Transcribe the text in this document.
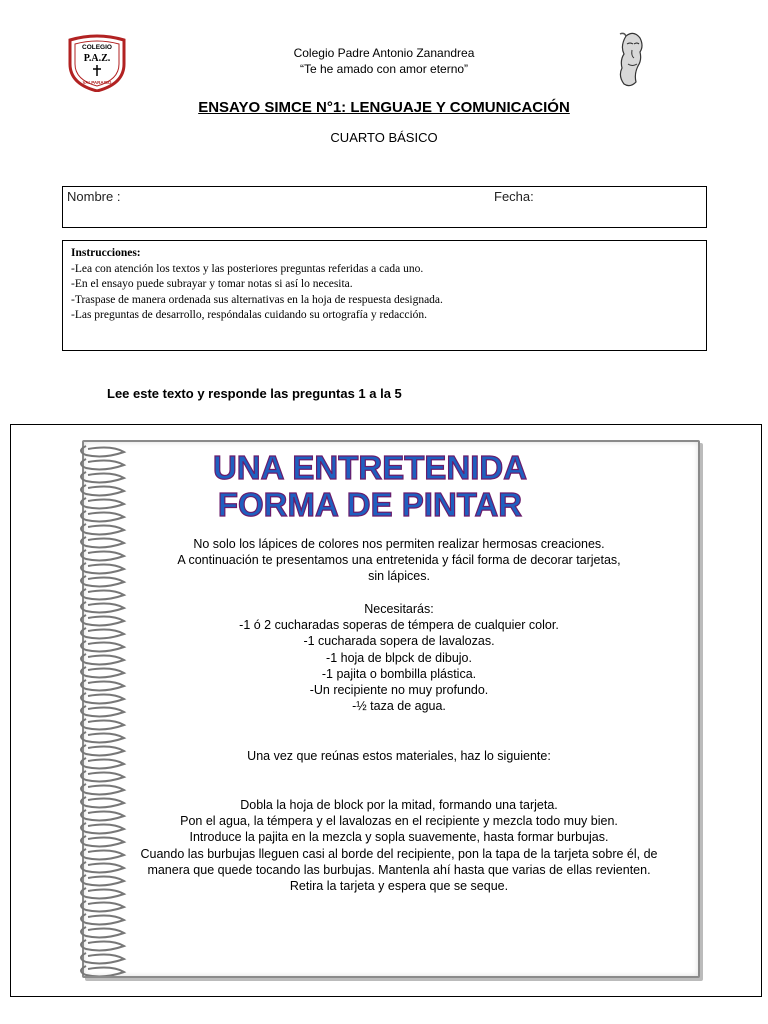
COLEGIO
P.A.Z.
VALPARAISO
Colegio Padre Antonio Zanandrea
“Te he amado con amor eterno”
ENSAYO SIMCE N°1: LENGUAJE Y COMUNICACIÓN
CUARTO BÁSICO
Nombre :	Fecha:
Instrucciones:
-Lea con atención los textos y las posteriores preguntas referidas a cada uno.
-En el ensayo puede subrayar y tomar notas si así lo necesita.
-Traspase de manera ordenada sus alternativas en la hoja de respuesta designada.
-Las preguntas de desarrollo, respóndalas cuidando su ortografía y redacción.
Lee este texto y responde las preguntas 1 a la 5
UNA ENTRETENIDA
FORMA DE PINTAR

No solo los lápices de colores nos permiten realizar hermosas creaciones.

A continuación te presentamos una entretenida y fácil forma de decorar tarjetas,

sin lápices.

Necesitarás:

-1 ó 2 cucharadas soperas de témpera de cualquier color.

-1 cucharada sopera de lavalozas.

-1 hoja de blpck de dibujo.

-1 pajita o bombilla plástica.

-Un recipiente no muy profundo.

-½ taza de agua.

Una vez que reúnas estos materiales, haz lo siguiente:

Dobla la hoja de block por la mitad, formando una tarjeta.

Pon el agua, la témpera y el lavalozas en el recipiente y mezcla todo muy bien.

Introduce la pajita en la mezcla y sopla suavemente, hasta formar burbujas.

Cuando las burbujas lleguen casi al borde del recipiente, pon la tapa de la tarjeta sobre él, de

manera que quede tocando las burbujas. Mantenla ahí hasta que varias de ellas revienten.

Retira la tarjeta y espera que se seque.
